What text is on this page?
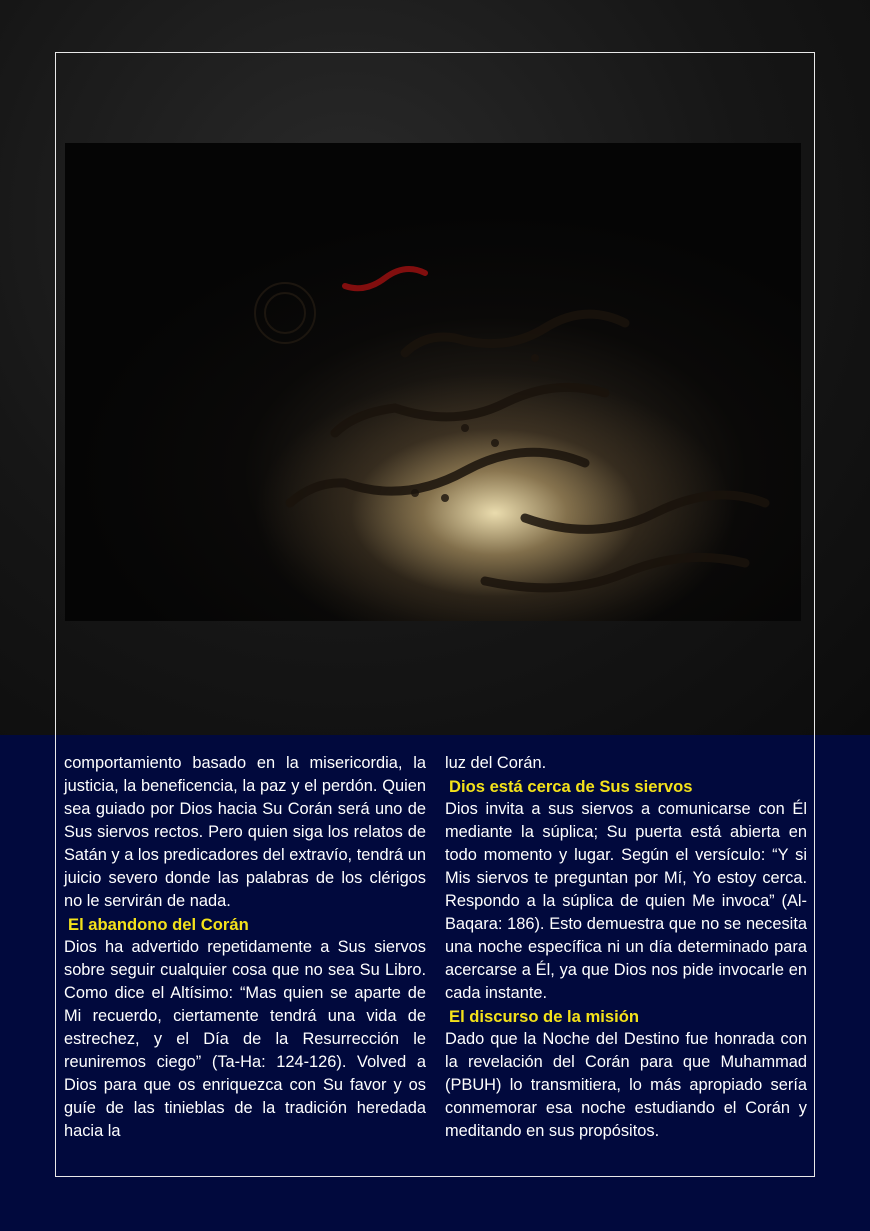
comportamiento basado en la misericordia, la justicia, la beneficencia, la paz y el perdón. Quien sea guiado por Dios hacia Su Corán será uno de Sus siervos rectos. Pero quien siga los relatos de Satán y a los predicadores del extravío, tendrá un juicio severo donde las palabras de los clérigos no le servirán de nada.

El abandono del Corán

Dios ha advertido repetidamente a Sus siervos sobre seguir cualquier cosa que no sea Su Libro. Como dice el Altísimo: “Mas quien se aparte de Mi recuerdo, ciertamente tendrá una vida de estrechez, y el Día de la Resurrección le reuniremos ciego” (Ta-Ha: 124-126). Volved a Dios para que os enriquezca con Su favor y os guíe de las tinieblas de la tradición heredada hacia la

luz del Corán.

Dios está cerca de Sus siervos

Dios invita a sus siervos a comunicarse con Él mediante la súplica; Su puerta está abierta en todo momento y lugar. Según el versículo: “Y si Mis siervos te preguntan por Mí, Yo estoy cerca. Respondo a la súplica de quien Me invoca” (Al-Baqara: 186). Esto demuestra que no se necesita una noche específica ni un día determinado para acercarse a Él, ya que Dios nos pide invocarle en cada instante.

El discurso de la misión

Dado que la Noche del Destino fue honrada con la revelación del Corán para que Muhammad (PBUH) lo transmitiera, lo más apropiado sería conmemorar esa noche estudiando el Corán y meditando en sus propósitos.
